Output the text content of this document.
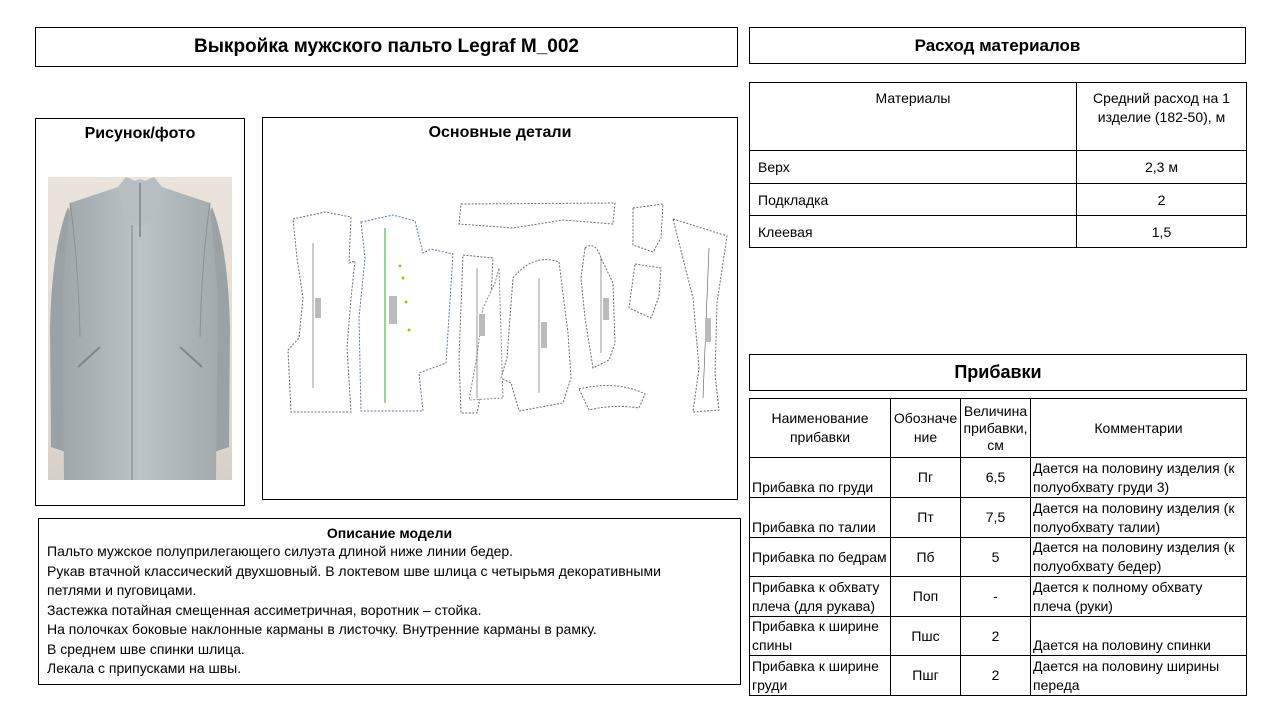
Выкройка мужского пальто Legraf M_002	Расход материалов
Материалы	Средний расход на 1 изделие (182-50), м
Верх	2,3 м
Подкладка	2
Клеевая	1,5
Рисунок/фото	Основные детали
Прибавки
Наименование прибавки	Обозначение	Величина прибавки, см	Комментарии
Прибавка по груди	Пг	6,5	Дается на половину изделия (к полуобхвату груди 3)
Прибавка по талии	Пт	7,5	Дается на половину изделия (к полуобхвату талии)
Прибавка по бедрам	Пб	5	Дается на половину изделия (к полуобхвату бедер)
Прибавка к обхвату плеча (для рукава)	Поп	-	Дается к полному обхвату плеча (руки)
Прибавка к ширине спины	Пшс	2	Дается на половину спинки
Прибавка к ширине груди	Пшг	2	Дается на половину ширины переда
Описание модели
Пальто мужское полуприлегающего силуэта длиной ниже линии бедер.
Рукав втачной классический двухшовный. В локтевом шве шлица с четырьмя декоративными петлями и пуговицами.
Застежка потайная смещенная ассиметричная, воротник – стойка.
На полочках боковые наклонные карманы в листочку. Внутренние карманы в рамку.
В среднем шве спинки шлица.
Лекала с припусками на швы.
